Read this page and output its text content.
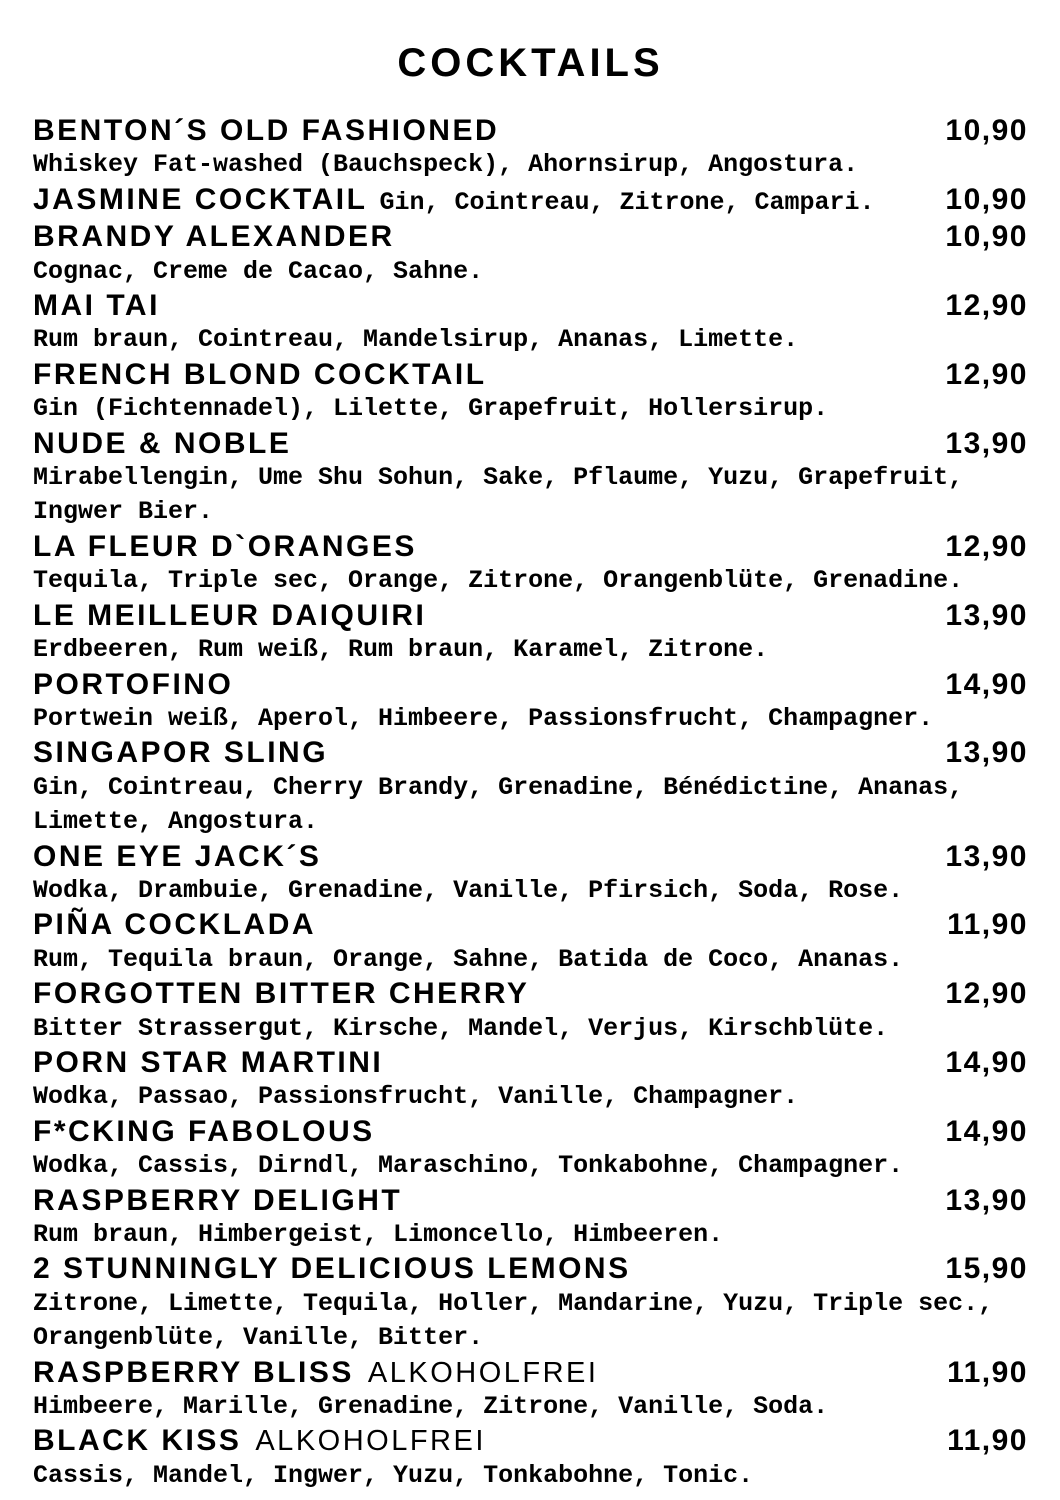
COCKTAILS
BENTON´S OLD FASHIONED	10,90
Whiskey Fat-washed (Bauchspeck), Ahornsirup, Angostura.
JASMINE COCKTAIL Gin, Cointreau, Zitrone, Campari.	10,90
BRANDY ALEXANDER	10,90
Cognac, Creme de Cacao, Sahne.
MAI TAI	12,90
Rum braun, Cointreau, Mandelsirup, Ananas, Limette.
FRENCH BLOND COCKTAIL	12,90
Gin (Fichtennadel), Lilette, Grapefruit, Hollersirup.
NUDE & NOBLE	13,90
Mirabellengin, Ume Shu Sohun, Sake, Pflaume, Yuzu, Grapefruit, Ingwer Bier.
LA FLEUR D`ORANGES	12,90
Tequila, Triple sec, Orange, Zitrone, Orangenblüte, Grenadine.
LE MEILLEUR DAIQUIRI	13,90
Erdbeeren, Rum weiß, Rum braun, Karamel, Zitrone.
PORTOFINO	14,90
Portwein weiß, Aperol, Himbeere, Passionsfrucht, Champagner.
SINGAPOR SLING	13,90
Gin, Cointreau, Cherry Brandy, Grenadine, Bénédictine, Ananas, Limette, Angostura.
ONE EYE JACK´S	13,90
Wodka, Drambuie, Grenadine, Vanille, Pfirsich, Soda, Rose.
PIÑA COCKLADA	11,90
Rum, Tequila braun, Orange, Sahne, Batida de Coco, Ananas.
FORGOTTEN BITTER CHERRY	12,90
Bitter Strassergut, Kirsche, Mandel, Verjus, Kirschblüte.
PORN STAR MARTINI	14,90
Wodka, Passao, Passionsfrucht, Vanille, Champagner.
F*CKING FABOLOUS	14,90
Wodka, Cassis, Dirndl, Maraschino, Tonkabohne, Champagner.
RASPBERRY DELIGHT	13,90
Rum braun, Himbergeist, Limoncello, Himbeeren.
2 STUNNINGLY DELICIOUS LEMONS	15,90
Zitrone, Limette, Tequila, Holler, Mandarine, Yuzu, Triple sec., Orangenblüte, Vanille, Bitter.
RASPBERRY BLISS ALKOHOLFREI	11,90
Himbeere, Marille, Grenadine, Zitrone, Vanille, Soda.
BLACK KISS ALKOHOLFREI	11,90
Cassis, Mandel, Ingwer, Yuzu, Tonkabohne, Tonic.
